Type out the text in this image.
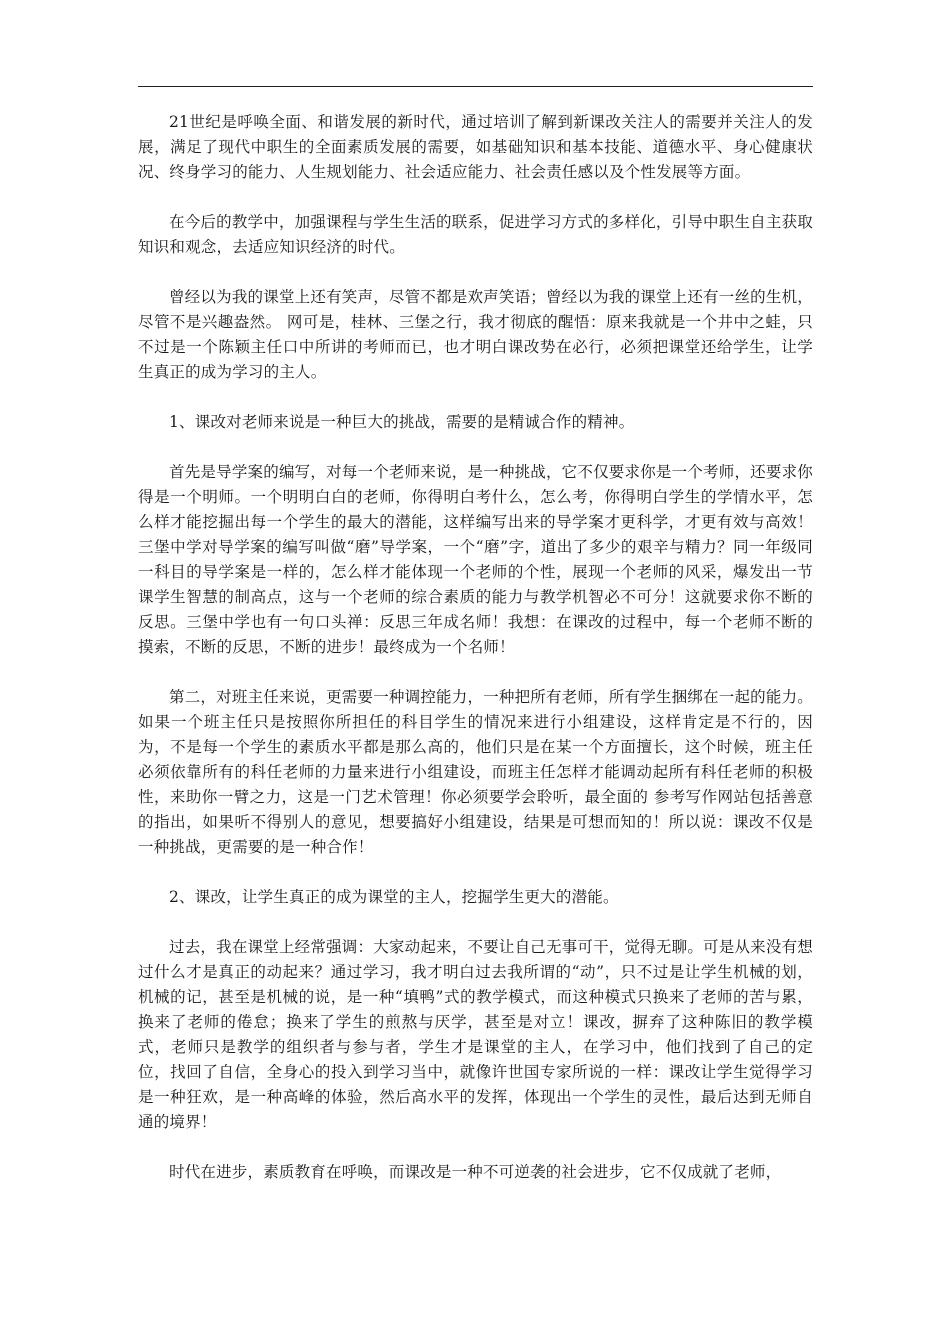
21世纪是呼唤全面、和谐发展的新时代，通过培训了解到新课改关注人的需要并关注人的发展，满足了现代中职生的全面素质发展的需要，如基础知识和基本技能、道德水平、身心健康状况、终身学习的能力、人生规划能力、社会适应能力、社会责任感以及个性发展等方面。

在今后的教学中，加强课程与学生生活的联系，促进学习方式的多样化，引导中职生自主获取知识和观念，去适应知识经济的时代。

曾经以为我的课堂上还有笑声，尽管不都是欢声笑语；曾经以为我的课堂上还有一丝的生机，尽管不是兴趣盎然。 网可是，桂林、三堡之行，我才彻底的醒悟：原来我就是一个井中之蛙，只不过是一个陈颖主任口中所讲的考师而已，也才明白课改势在必行，必须把课堂还给学生，让学生真正的成为学习的主人。

1、课改对老师来说是一种巨大的挑战，需要的是精诚合作的精神。

首先是导学案的编写，对每一个老师来说，是一种挑战，它不仅要求你是一个考师，还要求你得是一个明师。一个明明白白的老师，你得明白考什么，怎么考，你得明白学生的学情水平，怎么样才能挖掘出每一个学生的最大的潜能，这样编写出来的导学案才更科学，才更有效与高效！三堡中学对导学案的编写叫做“磨”导学案，一个“磨”字，道出了多少的艰辛与精力？同一年级同一科目的导学案是一样的，怎么样才能体现一个老师的个性，展现一个老师的风采，爆发出一节课学生智慧的制高点，这与一个老师的综合素质的能力与教学机智必不可分！这就要求你不断的反思。三堡中学也有一句口头禅：反思三年成名师！我想：在课改的过程中，每一个老师不断的摸索，不断的反思，不断的进步！最终成为一个名师！

第二，对班主任来说，更需要一种调控能力，一种把所有老师，所有学生捆绑在一起的能力。如果一个班主任只是按照你所担任的科目学生的情况来进行小组建设，这样肯定是不行的，因为，不是每一个学生的素质水平都是那么高的，他们只是在某一个方面擅长，这个时候，班主任必须依靠所有的科任老师的力量来进行小组建设，而班主任怎样才能调动起所有科任老师的积极性，来助你一臂之力，这是一门艺术管理！你必须要学会聆听，最全面的 参考写作网站包括善意的指出，如果听不得别人的意见，想要搞好小组建设，结果是可想而知的！所以说：课改不仅是一种挑战，更需要的是一种合作！

2、课改，让学生真正的成为课堂的主人，挖掘学生更大的潜能。

过去，我在课堂上经常强调：大家动起来，不要让自己无事可干，觉得无聊。可是从来没有想过什么才是真正的动起来？通过学习，我才明白过去我所谓的“动”，只不过是让学生机械的划，机械的记，甚至是机械的说，是一种“填鸭”式的教学模式，而这种模式只换来了老师的苦与累，换来了老师的倦怠；换来了学生的煎熬与厌学，甚至是对立！课改，摒弃了这种陈旧的教学模式，老师只是教学的组织者与参与者，学生才是课堂的主人，在学习中，他们找到了自己的定位，找回了自信，全身心的投入到学习当中，就像许世国专家所说的一样：课改让学生觉得学习是一种狂欢，是一种高峰的体验，然后高水平的发挥，体现出一个学生的灵性，最后达到无师自通的境界！

时代在进步，素质教育在呼唤，而课改是一种不可逆袭的社会进步，它不仅成就了老师，
